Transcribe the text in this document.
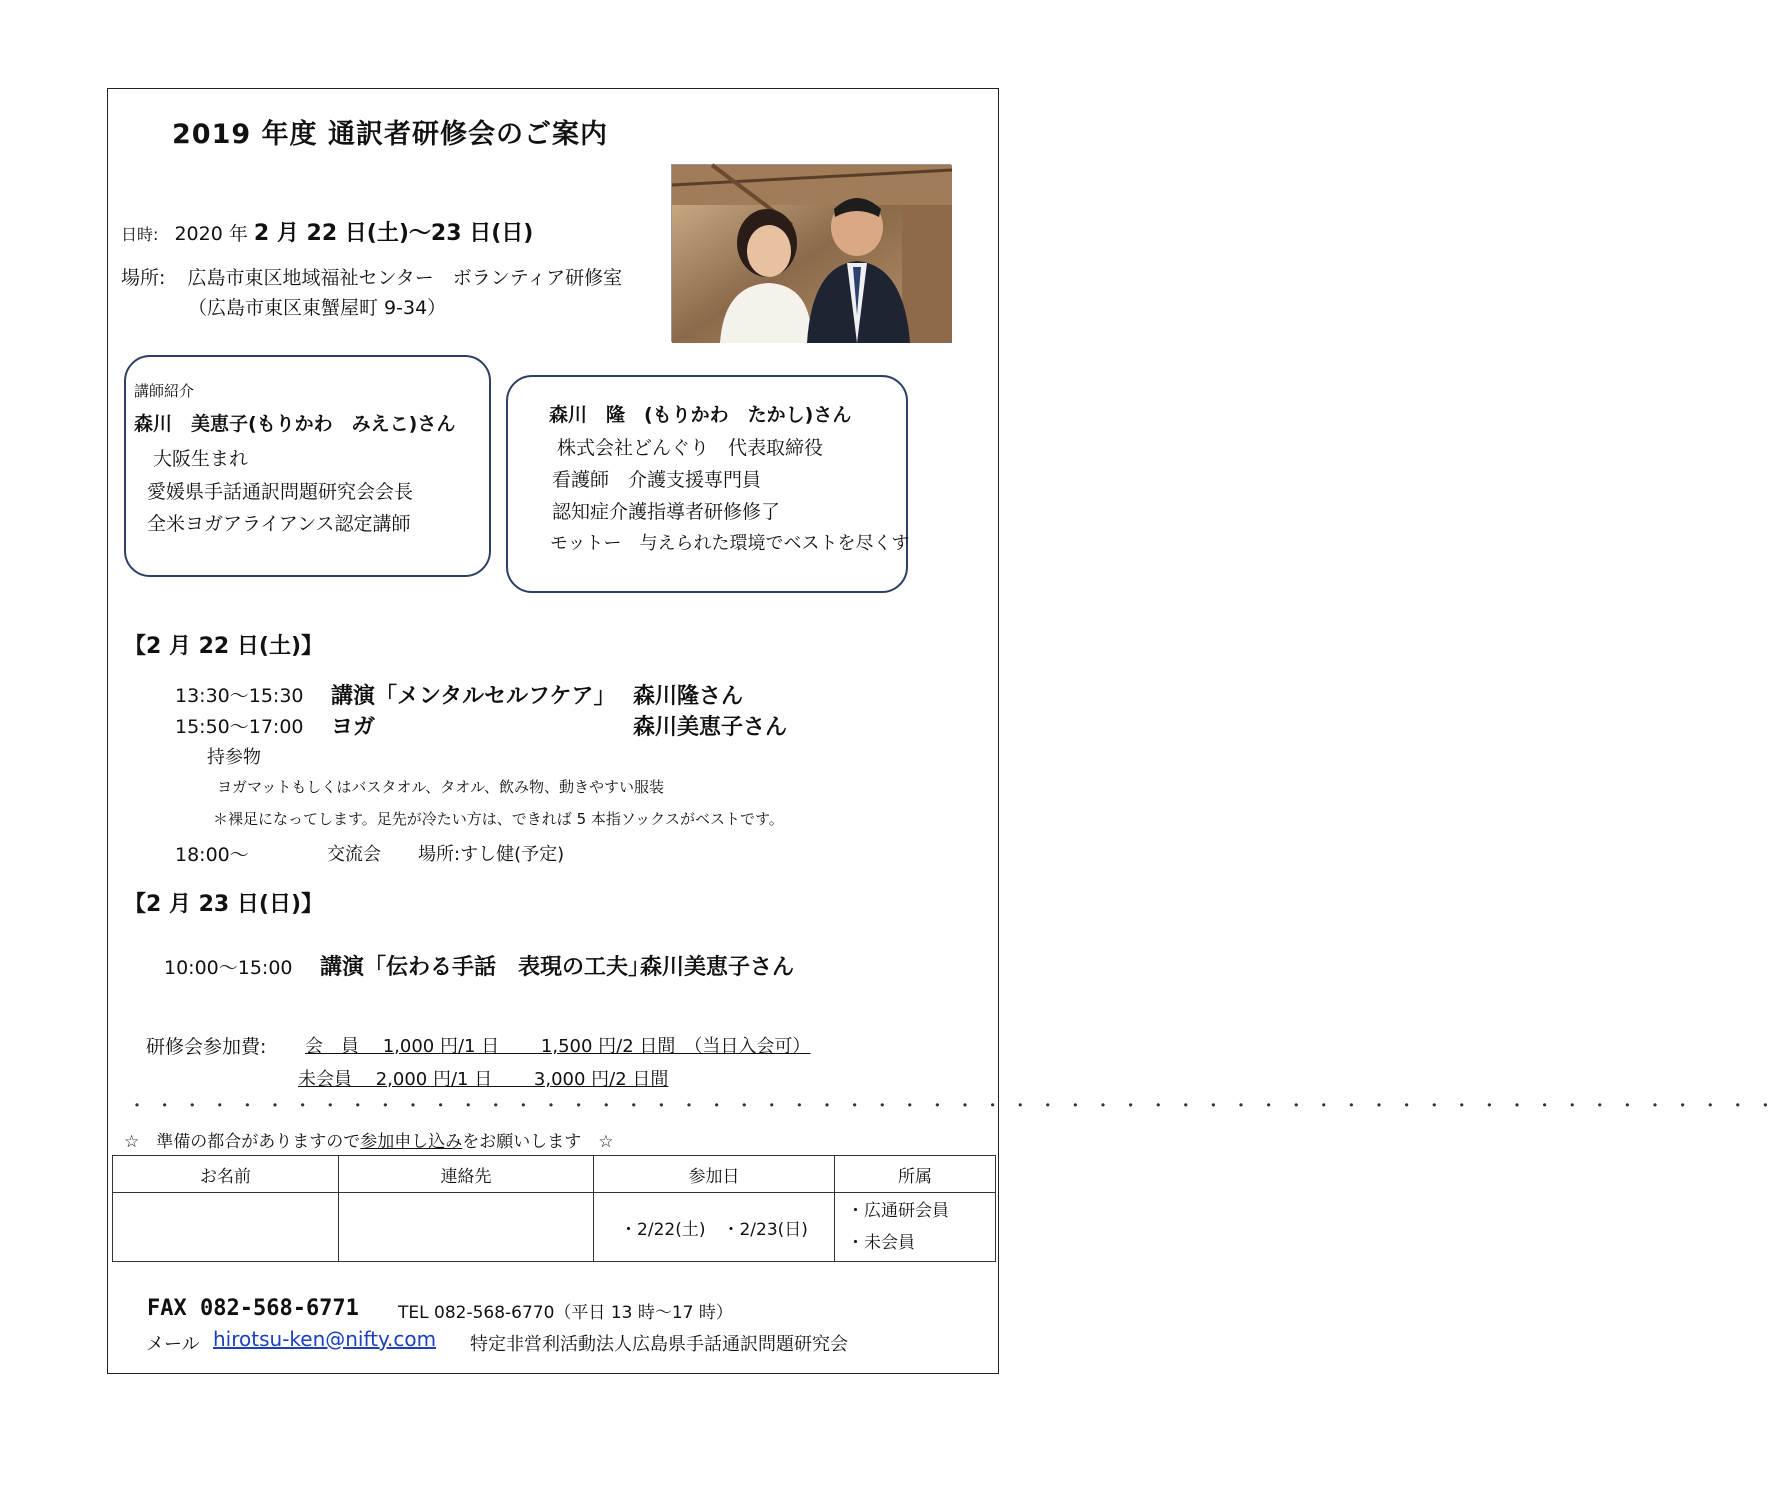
2019 年度 通訳者研修会のご案内
日時: 2020 年 2 月 22 日(土)～23 日(日)
場所: 広島市東区地域福祉センター　ボランティア研修室
（広島市東区東蟹屋町 9-34）
講師紹介
森川　美恵子(もりかわ　みえこ)さん
大阪生まれ
愛媛県手話通訳問題研究会会長
全米ヨガアライアンス認定講師
森川　隆　(もりかわ　たかし)さん
株式会社どんぐり　代表取締役
看護師　介護支援専門員
認知症介護指導者研修修了
モットー　与えられた環境でベストを尽くす
【2 月 22 日(土)】
13:30～15:30 講演「メンタルセルフケア」 森川隆さん
15:50～17:00 ヨガ	森川美恵子さん
持参物
ヨガマットもしくはバスタオル、タオル、飲み物、動きやすい服装
＊裸足になってします。足先が冷たい方は、できれば 5 本指ソックスがベストです。
18:00～	交流会 場所:すし健(予定)
【2 月 23 日(日)】
10:00～15:00 講演「伝わる手話　表現の工夫」
森川美恵子さん
研修会参加費: 会　員　 1,000 円/1 日　　 1,500 円/2 日間　（当日入会可）
未会員　 2,000 円/1 日　　 3,000 円/2 日間
・・・・・・・・・・・・・・・・・・・・・・・・・・・・・・・・・・・・・・・・・・・・・・・・・・・・・・・・・・・・
☆　準備の都合がありますので参加申し込みをお願いします　☆
お名前	連絡先	参加日	所属
		・2/22(土)　・2/23(日)	・広通研会員
・未会員
FAX 082-568-6771 TEL 082-568-6770（平日 13 時～17 時）
メール hirotsu-ken@nifty.com 特定非営利活動法人広島県手話通訳問題研究会
